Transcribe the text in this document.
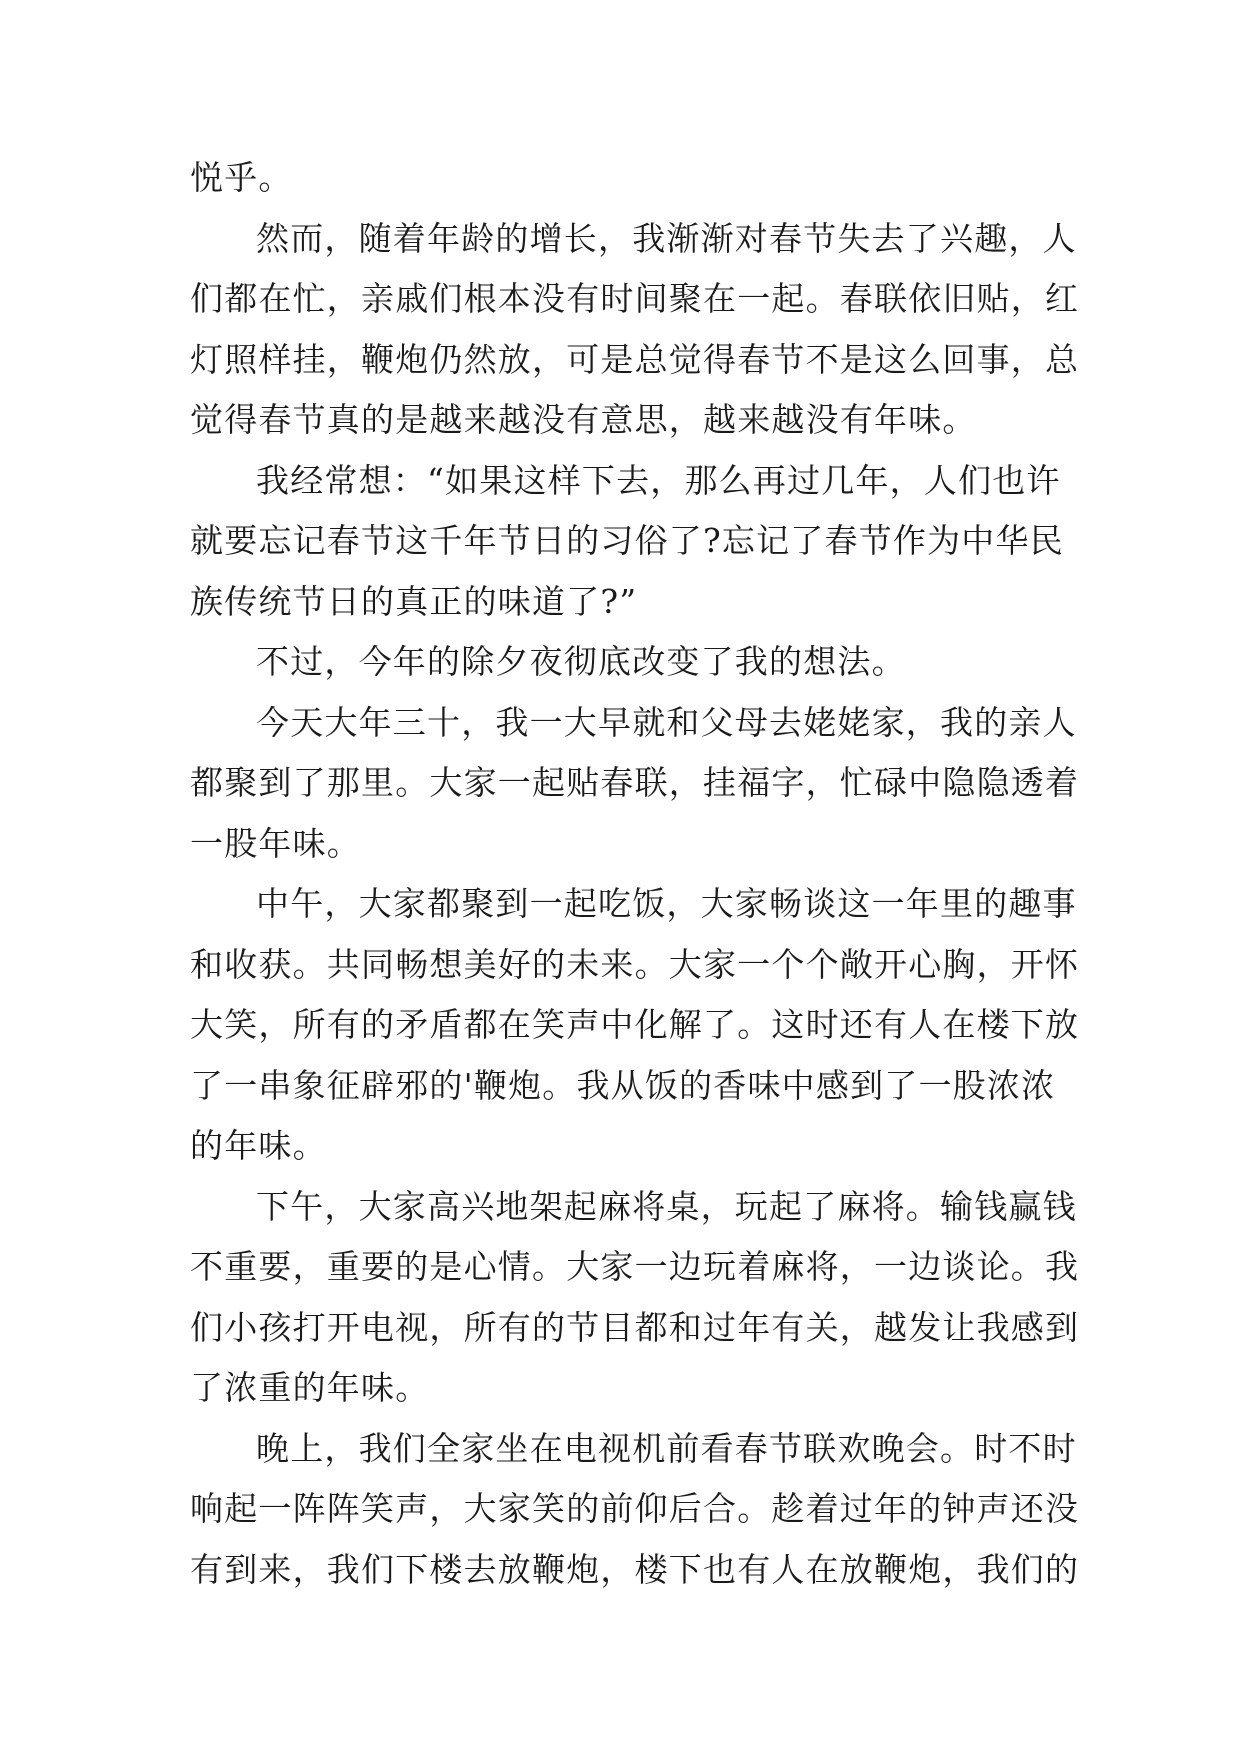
悦乎。
然而，随着年龄的增长，我渐渐对春节失去了兴趣，人
们都在忙，亲戚们根本没有时间聚在一起。春联依旧贴，红
灯照样挂，鞭炮仍然放，可是总觉得春节不是这么回事，总
觉得春节真的是越来越没有意思，越来越没有年味。
我经常想：“如果这样下去，那么再过几年，人们也许
就要忘记春节这千年节日的习俗了?忘记了春节作为中华民
族传统节日的真正的味道了?”
不过，今年的除夕夜彻底改变了我的想法。
今天大年三十，我一大早就和父母去姥姥家，我的亲人
都聚到了那里。大家一起贴春联，挂福字，忙碌中隐隐透着
一股年味。
中午，大家都聚到一起吃饭，大家畅谈这一年里的趣事
和收获。共同畅想美好的未来。大家一个个敞开心胸，开怀
大笑，所有的矛盾都在笑声中化解了。这时还有人在楼下放
了一串象征辟邪的'鞭炮。我从饭的香味中感到了一股浓浓
的年味。
下午，大家高兴地架起麻将桌，玩起了麻将。输钱赢钱
不重要，重要的是心情。大家一边玩着麻将，一边谈论。我
们小孩打开电视，所有的节目都和过年有关，越发让我感到
了浓重的年味。
晚上，我们全家坐在电视机前看春节联欢晚会。时不时
响起一阵阵笑声，大家笑的前仰后合。趁着过年的钟声还没
有到来，我们下楼去放鞭炮，楼下也有人在放鞭炮，我们的
